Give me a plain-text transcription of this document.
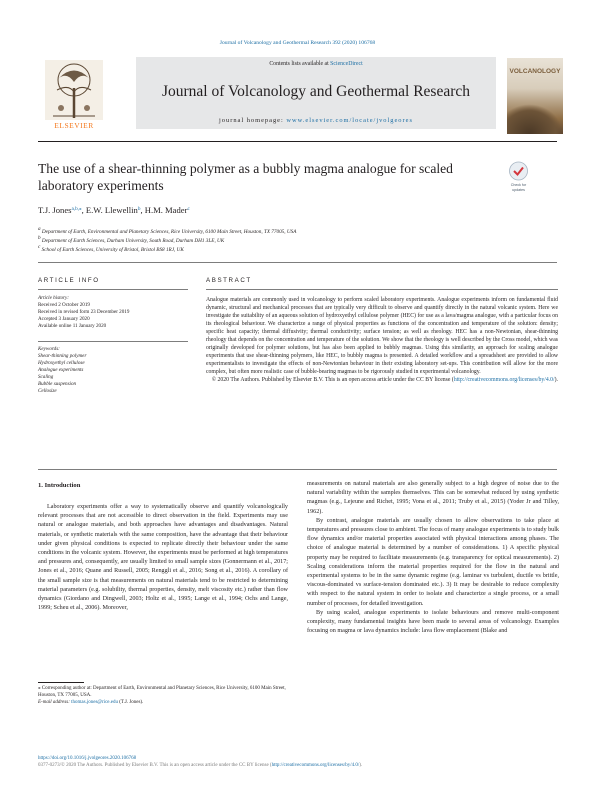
Journal of Volcanology and Geothermal Research 392 (2020) 106768
ELSEVIER
Contents lists available at ScienceDirect
Journal of Volcanology and Geothermal Research
journal homepage: www.elsevier.com/locate/jvolgeores
VOLCANOLOGY
The use of a shear-thinning polymer as a bubbly magma analogue for scaled laboratory experiments	Check for
updates
T.J. Jones$^{a,b,⁎}$, E.W. Llewellin$^b$, H.M. Mader$^c$
a Department of Earth, Environmental and Planetary Sciences, Rice University, 6100 Main Street, Houston, TX 77005, USA
b Department of Earth Sciences, Durham University, South Road, Durham DH1 3LE, UK
c School of Earth Sciences, University of Bristol, Bristol BS8 1RJ, UK
ARTICLE INFO
Article history:
Received 2 October 2019
Received in revised form 23 December 2019
Accepted 3 January 2020
Available online 11 January 2020
Keywords:
Shear-thinning polymer
Hydroxyethyl cellulose
Analogue experiments
Scaling
Bubble suspension
Cellosize
ABSTRACT

Analogue materials are commonly used in volcanology to perform scaled laboratory experiments. Analogue experiments inform on fundamental fluid dynamic, structural and mechanical processes that are typically very difficult to observe and quantify directly in the natural volcanic system. Here we investigate the suitability of an aqueous solution of hydroxyethyl cellulose polymer (HEC) for use as a lava/magma analogue, with a particular focus on its rheological behaviour. We characterize a range of physical properties as functions of the concentration and temperature of the solution: density; specific heat capacity; thermal diffusivity; thermal conductivity; surface tension; as well as rheology. HEC has a non-Newtonian, shear-thinning rheology that depends on the concentration and temperature of the solution. We show that the rheology is well described by the Cross model, which was originally developed for polymer solutions, but has also been applied to bubbly magmas. Using this similarity, an approach for scaling analogue experiments that use shear-thinning polymers, like HEC, to bubbly magma is presented. A detailed workflow and a spreadsheet are provided to allow experimentalists to investigate the effects of non-Newtonian behaviour in their existing laboratory set-ups. This contribution will allow for the more complex, but often more realistic case of bubble-bearing magmas to be rigorously studied in experimental volcanology.

© 2020 The Authors. Published by Elsevier B.V. This is an open access article under the CC BY license (http://creativecommons.org/licenses/by/4.0/).

1. Introduction

Laboratory experiments offer a way to systematically observe and quantify volcanologically relevant processes that are not accessible to direct observation in the field. Experiments may use natural or analogue materials, and both approaches have advantages and disadvantages. Natural materials, or synthetic materials with the same composition, have the advantage that their behaviour under given physical conditions is expected to replicate directly their behaviour under the same conditions in the volcanic system. However, the experiments must be performed at high temperatures and pressures and, consequently, are usually limited to small sample sizes (Gonnermann et al., 2017; Jones et al., 2016; Quane and Russell, 2005; Rengglі et al., 2016; Song et al., 2016). A corollary of the small sample size is that measurements on natural materials tend to be restricted to determining material parameters (e.g. solubility, thermal properties, density, melt viscosity etc.) rather than flow dynamics (Giordano and Dingwell, 2003; Holtz et al., 1995; Lange et al., 1994; Ochs and Lange, 1999; Scheu et al., 2006). Moreover,

measurements on natural materials are also generally subject to a high degree of noise due to the natural variability within the samples themselves. This can be somewhat reduced by using synthetic magmas (e.g., Lejeune and Richet, 1995; Vona et al., 2011; Truby et al., 2015) (Yoder Jr and Tilley, 1962).

By contrast, analogue materials are usually chosen to allow observations to take place at temperatures and pressures close to ambient. The focus of many analogue experiments is to study bulk flow dynamics and/or material properties associated with physical interactions among phases. The choice of analogue material is determined by a number of considerations. 1) A specific physical property may be required to facilitate measurements (e.g. transparency for optical measurements). 2) Scaling considerations inform the material properties required for the flow in the natural and experimental systems to be in the same dynamic regime (e.g. laminar vs turbulent, ductile vs brittle, viscous-dominated vs surface-tension dominated etc.). 3) It may be desirable to reduce complexity with respect to the natural system in order to isolate and characterize a single process, or a small number of processes, for detailed investigation.

By using scaled, analogue experiments to isolate behaviours and remove multi-component complexity, many fundamental insights have been made to several areas of volcanology. Examples focusing on magma or lava dynamics include: lava flow emplacement (Blake and

⁎ Corresponding author at: Department of Earth, Environmental and Planetary Sciences, Rice University, 6100 Main Street, Houston, TX 77005, USA.
E-mail address: thomas.jones@rice.edu (T.J. Jones).
https://doi.org/10.1016/j.jvolgeores.2020.106768
0377-0273/© 2020 The Authors. Published by Elsevier B.V. This is an open access article under the CC BY license (http://creativecommons.org/licenses/by/4.0/).
